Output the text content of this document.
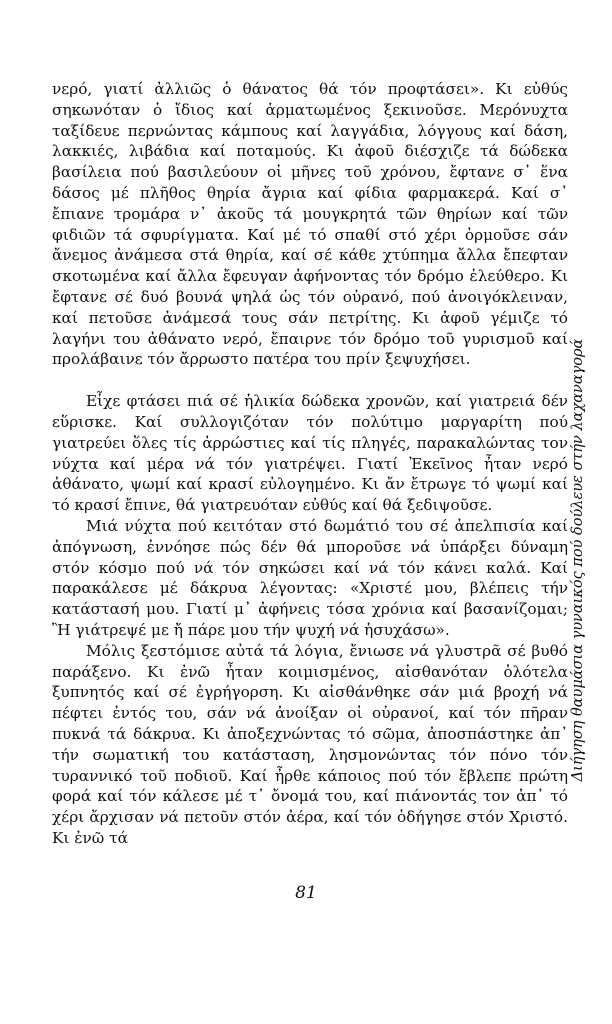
νερό, γιατί ἀλλιῶς ὁ θάνατος θά τόν προφτάσει». Κι εὐθύς σηκωνόταν ὁ ἴδιος καί ἁρματωμένος ξεκινοῦσε. Μερόνυχτα ταξίδευε περνώντας κάμπους καί λαγγάδια, λόγγους καί δάση, λακκιές, λιβάδια καί ποταμούς. Κι ἀφοῦ διέσχιζε τά δώδεκα βασίλεια πού βασιλεύουν οἱ μῆνες τοῦ χρόνου, ἔφτανε σ᾿ ἕνα δάσος μέ πλῆθος θηρία ἄγρια καί φίδια φαρμακερά. Καί σ᾿ ἔπιανε τρομάρα ν᾿ ἀκοῦς τά μουγκρητά τῶν θηρίων καί τῶν φιδιῶν τά σφυρίγματα. Καί μέ τό σπαθί στό χέρι ὁρμοῦσε σάν ἄνεμος ἀνάμεσα στά θηρία, καί σέ κάθε χτύπημα ἄλλα ἔπεφταν σκοτωμένα καί ἄλλα ἔφευγαν ἀφήνοντας τόν δρόμο ἐλεύθερο. Κι ἔφτανε σέ δυό βουνά ψηλά ὡς τόν οὐρανό, πού ἀνοιγόκλειναν, καί πετοῦσε ἀνάμεσά τους σάν πετρίτης. Κι ἀφοῦ γέμιζε τό λαγήνι του ἀθάνατο νερό, ἔπαιρνε τόν δρόμο τοῦ γυρισμοῦ καί προλάβαινε τόν ἄρρωστο πατέρα του πρίν ξεψυχήσει.

Εἶχε φτάσει πιά σέ ἡλικία δώδεκα χρονῶν, καί γιατρειά δέν εὕρισκε. Καί συλλογιζόταν τόν πολύτιμο μαργαρίτη πού γιατρεύει ὅλες τίς ἀρρώστιες καί τίς πληγές, παρακαλώντας τον νύχτα καί μέρα νά τόν γιατρέψει. Γιατί Ἐκεῖνος ἦταν νερό ἀθάνατο, ψωμί καί κρασί εὐλογημένο. Κι ἄν ἔτρωγε τό ψωμί καί τό κρασί ἔπινε, θά γιατρευόταν εὐθύς καί θά ξεδιψοῦσε.

Μιά νύχτα πού κειτόταν στό δωμάτιό του σέ ἀπελπισία καί ἀπόγνωση, ἐννόησε πώς δέν θά μποροῦσε νά ὑπάρξει δύναμη στόν κόσμο πού νά τόν σηκώσει καί νά τόν κάνει καλά. Καί παρακάλεσε μέ δάκρυα λέγοντας: «Χριστέ μου, βλέπεις τήν κατάστασή μου. Γιατί μ᾿ ἀφήνεις τόσα χρόνια καί βασανίζομαι; Ἢ γιάτρεψέ με ἤ πάρε μου τήν ψυχή νά ἡσυχάσω».

Μόλις ξεστόμισε αὐτά τά λόγια, ἔνιωσε νά γλυστρᾶ σέ βυθό παράξενο. Κι ἐνῶ ἦταν κοιμισμένος, αἰσθανόταν ὁλότελα ξυπνητός καί σέ ἐγρήγορση. Κι αἰσθάνθηκε σάν μιά βροχή νά πέφτει ἐντός του, σάν νά ἀνοίξαν οἱ οὐρανοί, καί τόν πῆραν πυκνά τά δάκρυα. Κι ἀποξεχνώντας τό σῶμα, ἀποσπάστηκε ἀπ᾿ τήν σωματική του κατάσταση, λησμονώντας τόν πόνο τόν τυραννικό τοῦ ποδιοῦ. Καί ἦρθε κάποιος πού τόν ἔβλεπε πρώτη φορά καί τόν κάλεσε μέ τ᾿ ὄνομά του, καί πιάνοντάς τον ἀπ᾿ τό χέρι ἄρχισαν νά πετοῦν στόν ἀέρα, καί τόν ὁδήγησε στόν Χριστό. Κι ἐνῶ τά

81
Διήγηση θαυμάσια γυναικός πού δούλευε στήν λαχαναγορά
